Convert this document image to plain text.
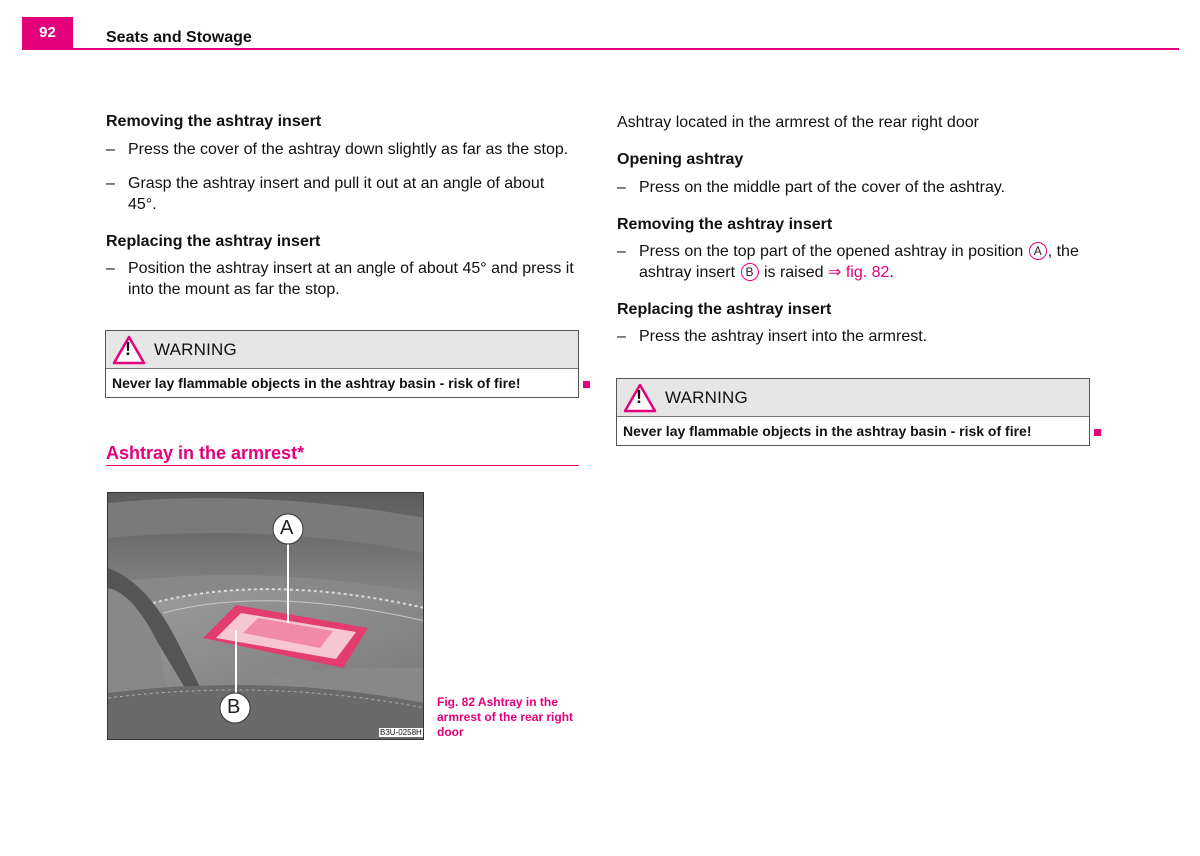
92	Seats and Stowage
Removing the ashtray insert
– Press the cover of the ashtray down slightly as far as the stop.
– Grasp the ashtray insert and pull it out at an angle of about 45°.
Replacing the ashtray insert
– Position the ashtray insert at an angle of about 45° and press it into the mount as far the stop.
! WARNING
Never lay flammable objects in the ashtray basin - risk of fire!
Ashtray in the armrest*
A
B
B3U-0258H
Fig. 82 Ashtray in the
armrest of the rear right
door
Ashtray located in the armrest of the rear right door
Opening ashtray
– Press on the middle part of the cover of the ashtray.
Removing the ashtray insert
– Press on the top part of the opened ashtray in position A , the
ashtray insert B is raised ⇒ fig. 82.
Replacing the ashtray insert
– Press the ashtray insert into the armrest.
! WARNING
Never lay flammable objects in the ashtray basin - risk of fire!
